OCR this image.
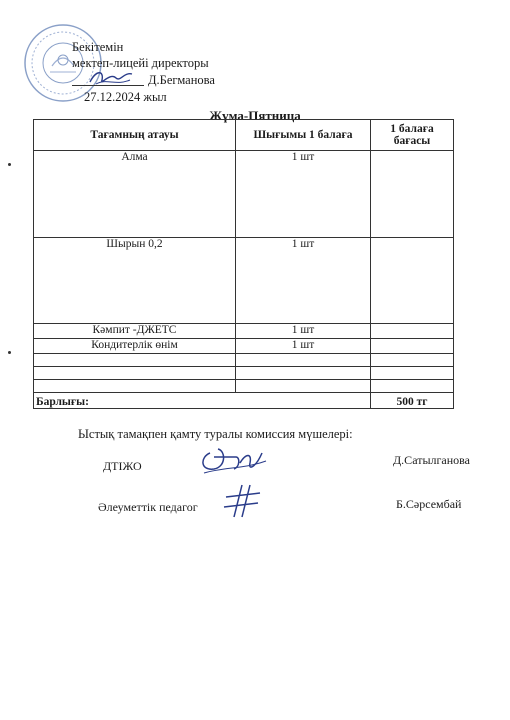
Бекітемін
мектеп-лицейі директоры
Д.Бегманова
27.12.2024 жыл
Жұма-Пятница
Тағамның атауы	Шығымы 1 балаға	1 балаға бағасы
Алма	1 шт	
Шырын 0,2	1 шт	
Кәмпит -ДЖЕТС	1 шт	
Кондитерлік өнім	1 шт	

Барлығы:		500 тг
Ыстық тамақпен қамту туралы комиссия мүшелері:
ДТІЖО	Д.Сатылганова
Әлеуметтік педагог	Б.Сәрсембай
